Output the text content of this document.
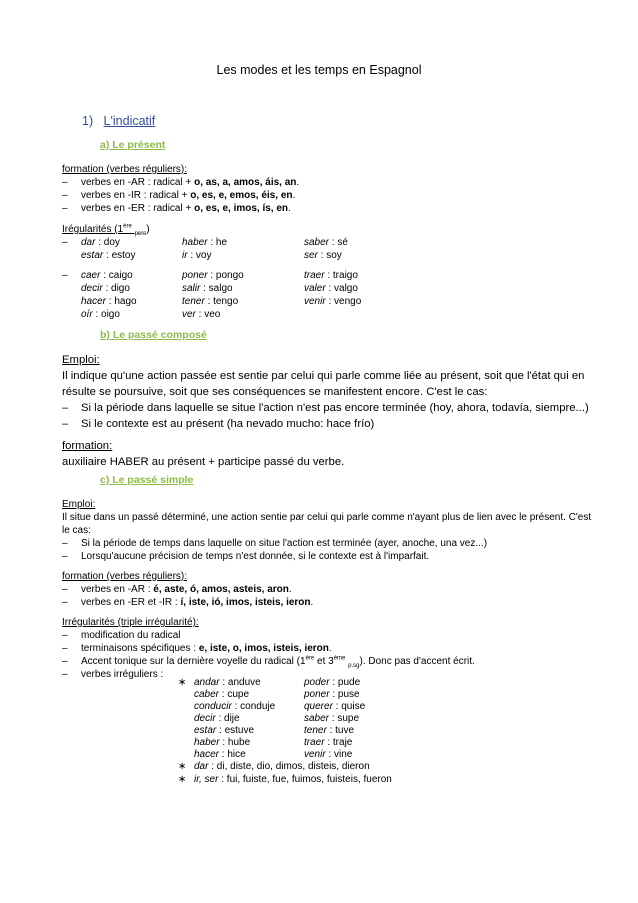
Les modes et les temps en Espagnol
1) L'indicatif
a) Le présent
formation (verbes réguliers):
– verbes en -AR : radical + o, as, a, amos, áis, an.
– verbes en -IR : radical + o, es, e, emos, éis, en.
– verbes en -ER : radical + o, es, e, imos, ís, en.
Irégularités (1ère $_{pers}$)
– dar : doy	haber : he	saber : sé
estar : estoy	ir : voy	ser : soy
– caer : caigo	poner : pongo	traer : traigo
decir : digo	salir : salgo	valer : valgo
hacer : hago	tener : tengo	venir : vengo
oír : oigo	ver : veo
b) Le passé composé
Emploi:
Il indique qu'une action passée est sentie par celui qui parle comme liée au présent, soit que l'état qui en
résulte se poursuive, soit que ses conséquences se manifestent encore. C'est le cas:
– Si la période dans laquelle se situe l'action n'est pas encore terminée (hoy, ahora, todavía, siempre...)
– Si le contexte est au présent (ha nevado mucho: hace frío)
formation:
auxiliaire HABER au présent + participe passé du verbe.
c) Le passé simple
Emploi:
Il situe dans un passé déterminé, une action sentie par celui qui parle comme n'ayant plus de lien avec le présent. C'est
le cas:
– Si la période de temps dans laquelle on situe l'action est terminée (ayer, anoche, una vez...)
– Lorsqu'aucune précision de temps n'est donnée, si le contexte est à l'imparfait.
formation (verbes réguliers):
– verbes en -AR : é, aste, ó, amos, asteis, aron.
– verbes en -ER et -IR : í, iste, ió, imos, isteis, ieron.
Irrégularités (triple irrégularité):
– modification du radical
– terminaisons spécifiques : e, iste, o, imos, isteis, ieron.
– Accent tonique sur la dernière voyelle du radical (1ère et 3ème $_{p.sg}$). Donc pas d'accent écrit.
– verbes irréguliers :
andar : anduve	poder : pude
caber : cupe	poner : puse
conducir : conduje	querer : quise
decir : dije	saber : supe
estar : estuve	tener : tuve
haber : hube	traer : traje
hacer : hice	venir : vine
∗
∗ dar : di, diste, dio, dimos, disteis, dieron
∗ ir, ser : fui, fuiste, fue, fuimos, fuisteis, fueron
